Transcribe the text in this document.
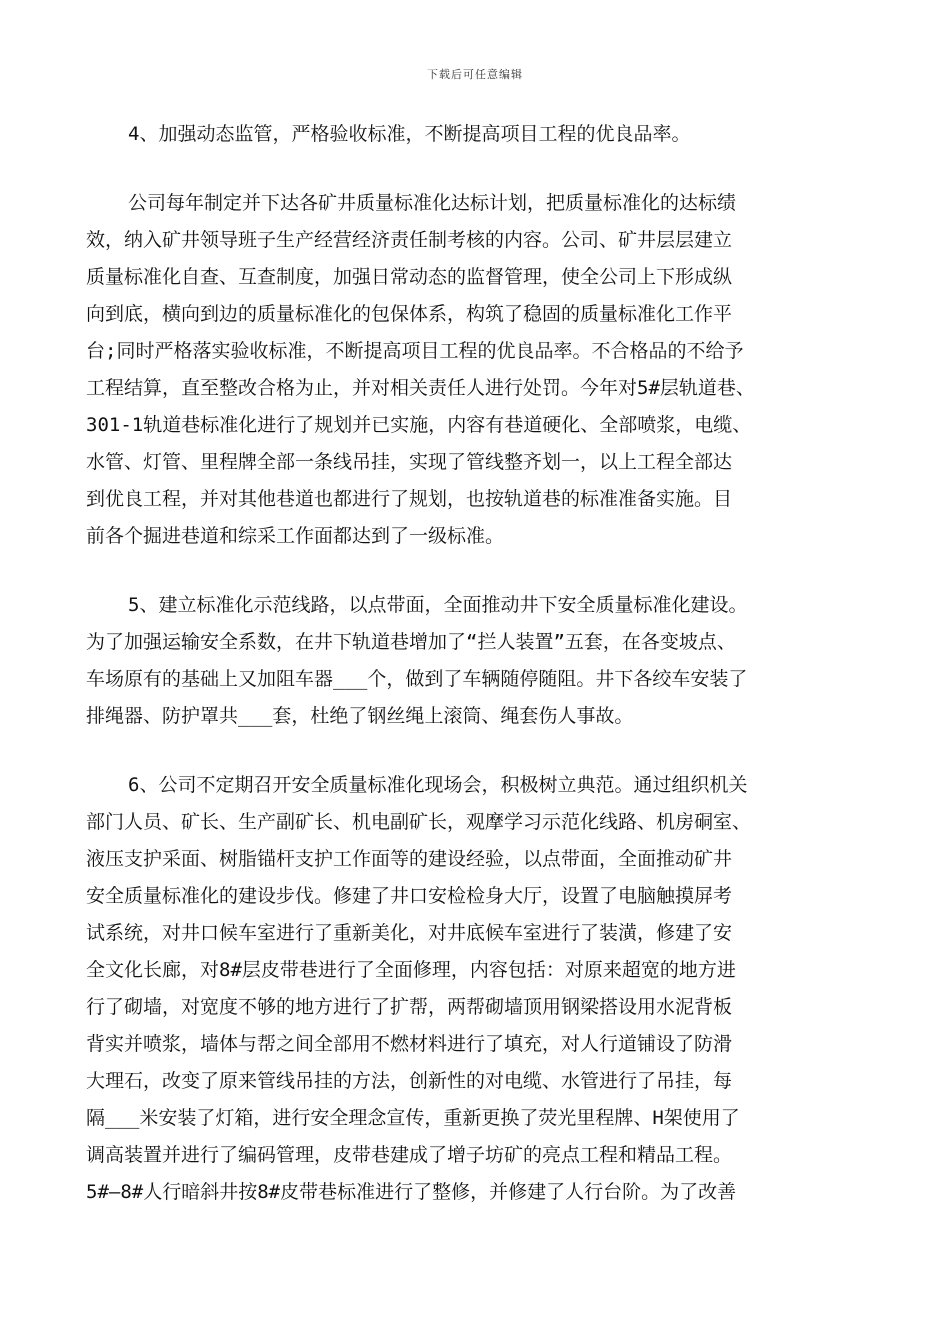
下载后可任意编辑
4、加强动态监管，严格验收标准，不断提高项目工程的优良品率。
公司每年制定并下达各矿井质量标准化达标计划，把质量标准化的达标绩
效，纳入矿井领导班子生产经营经济责任制考核的内容。公司、矿井层层建立
质量标准化自查、互查制度，加强日常动态的监督管理，使全公司上下形成纵
向到底，横向到边的质量标准化的包保体系，构筑了稳固的质量标准化工作平
台;同时严格落实验收标准，不断提高项目工程的优良品率。不合格品的不给予
工程结算，直至整改合格为止，并对相关责任人进行处罚。今年对5#层轨道巷、
301-1轨道巷标准化进行了规划并已实施，内容有巷道硬化、全部喷浆，电缆、
水管、灯管、里程牌全部一条线吊挂，实现了管线整齐划一，以上工程全部达
到优良工程，并对其他巷道也都进行了规划，也按轨道巷的标准准备实施。目
前各个掘进巷道和综采工作面都达到了一级标准。
5、建立标准化示范线路，以点带面，全面推动井下安全质量标准化建设。
为了加强运输安全系数，在井下轨道巷增加了“拦人装置”五套，在各变坡点、
车场原有的基础上又加阻车器___个，做到了车辆随停随阻。井下各绞车安装了
排绳器、防护罩共___套，杜绝了钢丝绳上滚筒、绳套伤人事故。
6、公司不定期召开安全质量标准化现场会，积极树立典范。通过组织机关
部门人员、矿长、生产副矿长、机电副矿长，观摩学习示范化线路、机房硐室、
液压支护采面、树脂锚杆支护工作面等的建设经验，以点带面，全面推动矿井
安全质量标准化的建设步伐。修建了井口安检检身大厅，设置了电脑触摸屏考
试系统，对井口候车室进行了重新美化，对井底候车室进行了装潢，修建了安
全文化长廊，对8#层皮带巷进行了全面修理，内容包括：对原来超宽的地方进
行了砌墙，对宽度不够的地方进行了扩帮，两帮砌墙顶用钢梁搭设用水泥背板
背实并喷浆，墙体与帮之间全部用不燃材料进行了填充，对人行道铺设了防滑
大理石，改变了原来管线吊挂的方法，创新性的对电缆、水管进行了吊挂，每
隔___米安装了灯箱，进行安全理念宣传，重新更换了荧光里程牌、H架使用了
调高装置并进行了编码管理，皮带巷建成了增子坊矿的亮点工程和精品工程。
5#—8#人行暗斜井按8#皮带巷标准进行了整修，并修建了人行台阶。为了改善
